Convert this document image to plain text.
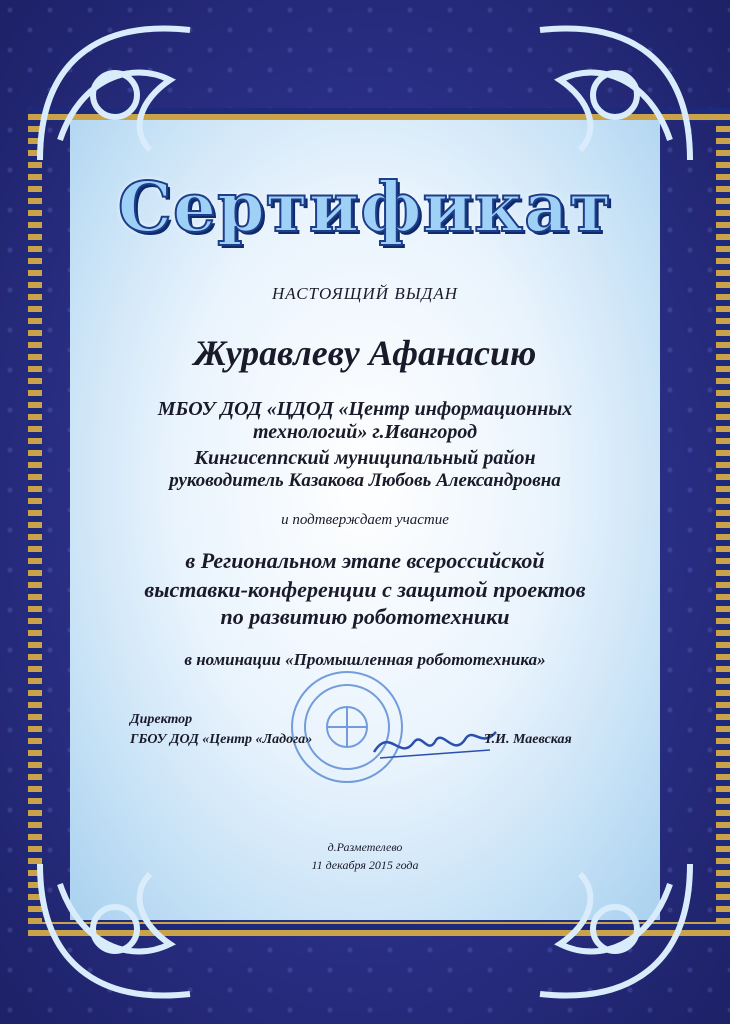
Сертификат
НАСТОЯЩИЙ ВЫДАН
Журавлеву Афанасию
МБОУ ДОД «ЦДОД «Центр информационных
технологий» г.Ивангород
Кингисеппский муниципальный район
руководитель Казакова Любовь Александровна
и подтверждает участие
в Региональном этапе всероссийской
выставки-конференции с защитой проектов
по развитию робототехники
в номинации «Промышленная робототехника»
Директор
ГБОУ ДОД «Центр «Ладога»	Т.И. Маевская
д.Разметелево
11 декабря 2015 года
